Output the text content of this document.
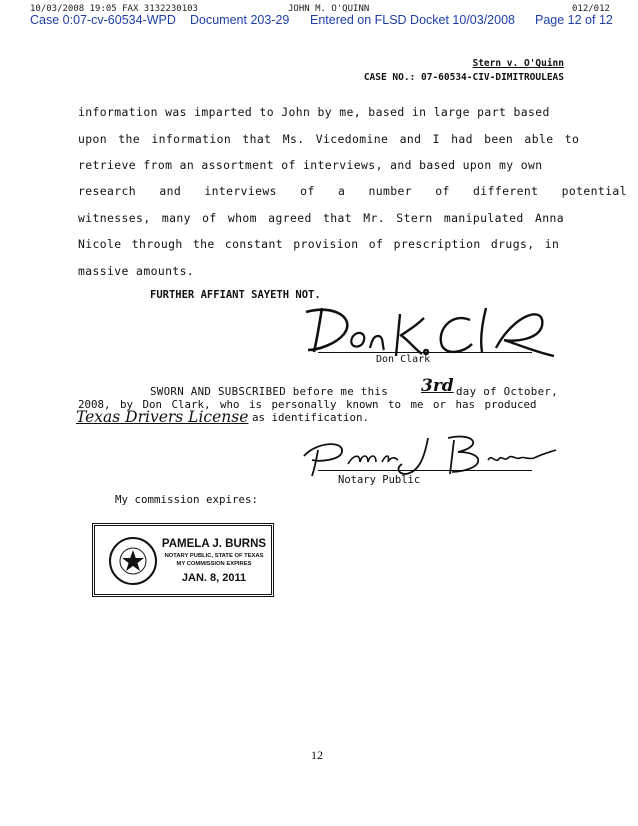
10/03/2008 19:05 FAX 3132230103	JOHN M. O'QUINN	012/012
Case 0:07-cv-60534-WPD Document 203-29 Entered on FLSD Docket 10/03/2008 Page 12 of 12
Stern v. O'Quinn
CASE NO.: 07-60534-CIV-DIMITROULEAS
information was imparted to John by me, based in large part based
upon the information that Ms. Vicedomine and I had been able to
retrieve from an assortment of interviews, and based upon my own
research and interviews of a number of different potential
witnesses, many of whom agreed that Mr. Stern manipulated Anna
Nicole through the constant provision of prescription drugs, in
massive amounts.
FURTHER AFFIANT SAYETH NOT.
Don Clark
SWORN AND SUBSCRIBED before me this 3rd day of October,
2008, by Don Clark, who is personally known to me or has produced
Texas Drivers License as identification.
Notary Public
My commission expires:
PAMELA J. BURNS
NOTARY PUBLIC, STATE OF TEXAS
MY COMMISSION EXPIRES
JAN. 8, 2011
12
